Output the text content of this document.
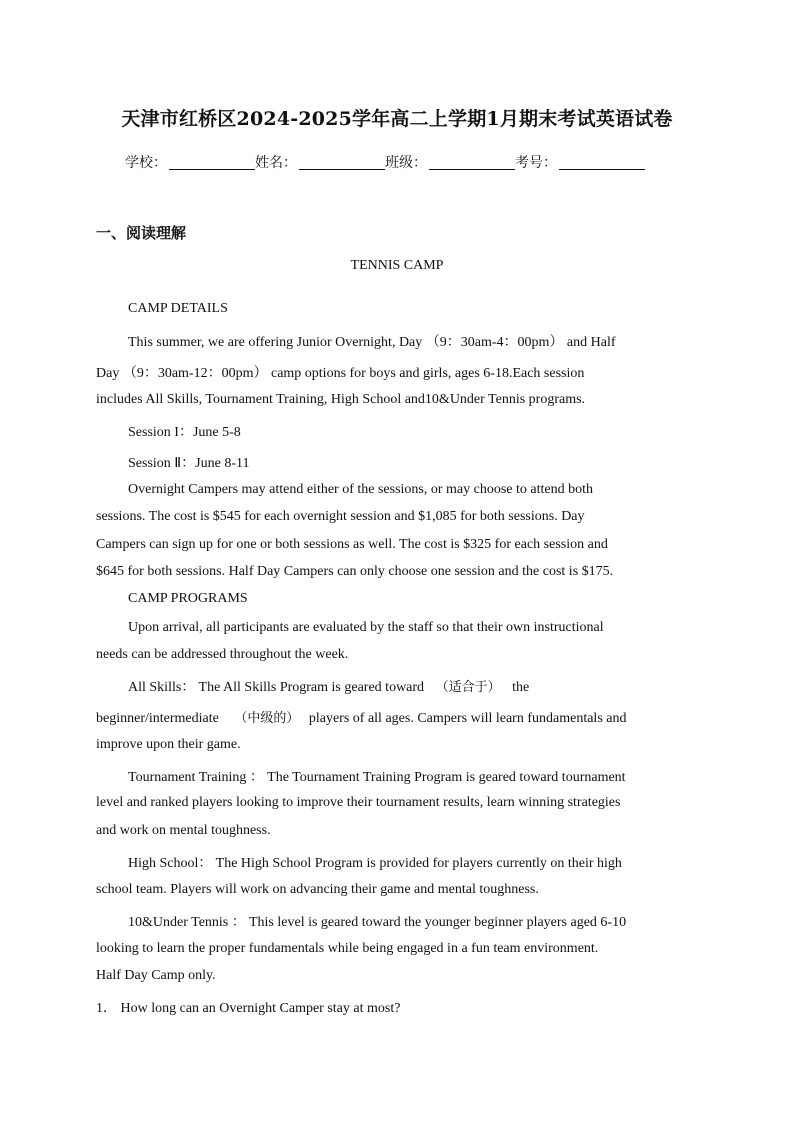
天津市红桥区2024-2025学年高二上学期1月期末考试英语试卷
学校：	姓名：	班级：	考号：
一、阅读理解
TENNIS CAMP
CAMP DETAILS
This summer, we are offering Junior Overnight, Day （9：30am-4：00pm） and Half
Day （9：30am-12：00pm） camp options for boys and girls, ages 6-18.Each session
includes All Skills, Tournament Training, High School and10&Under Tennis programs.
Session I：June 5-8
Session Ⅱ：June 8-11
Overnight Campers may attend either of the sessions, or may choose to attend both
sessions. The cost is $545 for each overnight session and $1,085 for both sessions. Day
Campers can sign up for one or both sessions as well. The cost is $325 for each session and
$645 for both sessions. Half Day Campers can only choose one session and the cost is $175.
CAMP PROGRAMS
Upon arrival, all participants are evaluated by the staff so that their own instructional
needs can be addressed throughout the week.
All Skills： The All Skills Program is geared toward （适合于） the
beginner/intermediate （中级的） players of all ages. Campers will learn fundamentals and
improve upon their game.
Tournament Training ： The Tournament Training Program is geared toward tournament
level and ranked players looking to improve their tournament results, learn winning strategies
and work on mental toughness.
High School： The High School Program is provided for players currently on their high
school team. Players will work on advancing their game and mental toughness.
10&Under Tennis ： This level is geared toward the younger beginner players aged 6-10
looking to learn the proper fundamentals while being engaged in a fun team environment.
Half Day Camp only.
1． How long can an Overnight Camper stay at most?
